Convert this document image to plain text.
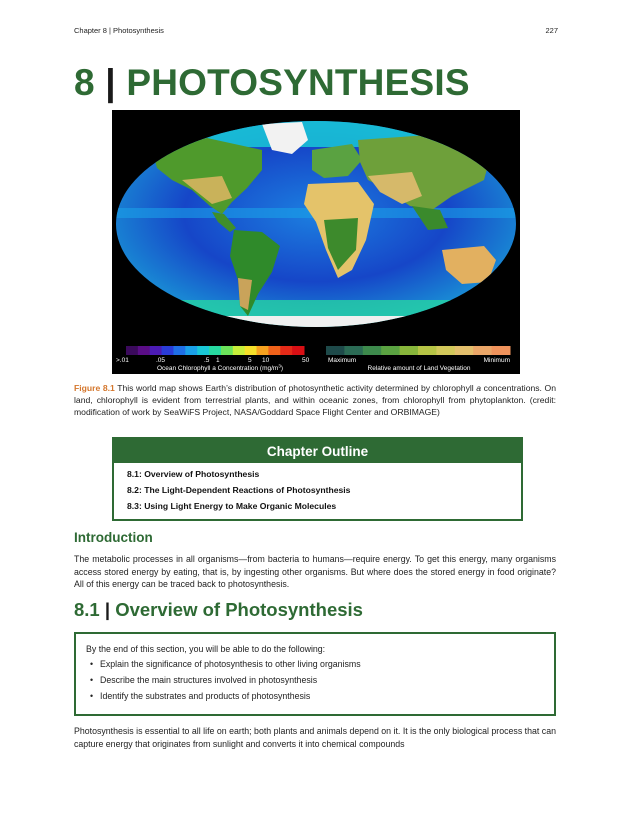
Chapter 8 | Photosynthesis	227
8 | PHOTOSYNTHESIS
>.01	.05	.5 1	5 10	50
Ocean Chlorophyll a Concentration $(mg/m^3)$
Maximum	Minimum
Relative amount of Land Vegetation
Figure 8.1 This world map shows Earth’s distribution of photosynthetic activity determined by chlorophyll a concentrations. On land, chlorophyll is evident from terrestrial plants, and within oceanic zones, from chlorophyll from phytoplankton. (credit: modification of work by SeaWiFS Project, NASA/Goddard Space Flight Center and ORBIMAGE)
Chapter Outline
8.1: Overview of Photosynthesis
8.2: The Light-Dependent Reactions of Photosynthesis
8.3: Using Light Energy to Make Organic Molecules
Introduction
The metabolic processes in all organisms—from bacteria to humans—require energy. To get this energy, many organisms access stored energy by eating, that is, by ingesting other organisms. But where does the stored energy in food originate? All of this energy can be traced back to photosynthesis.
8.1 | Overview of Photosynthesis
By the end of this section, you will be able to do the following:
• Explain the significance of photosynthesis to other living organisms
• Describe the main structures involved in photosynthesis
• Identify the substrates and products of photosynthesis
Photosynthesis is essential to all life on earth; both plants and animals depend on it. It is the only biological process that can capture energy that originates from sunlight and converts it into chemical compounds
